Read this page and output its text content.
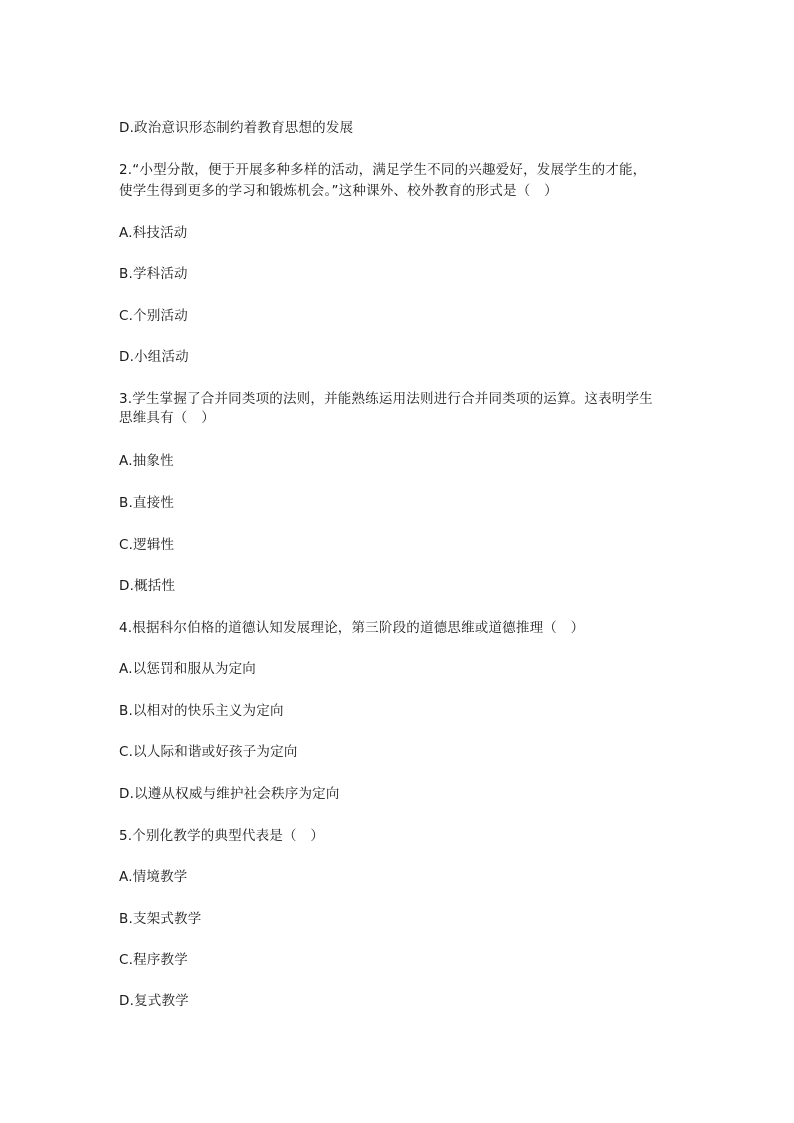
D.政治意识形态制约着教育思想的发展
2.“小型分散，便于开展多种多样的活动，满足学生不同的兴趣爱好，发展学生的才能，
使学生得到更多的学习和锻炼机会。”这种课外、校外教育的形式是（　）
A.科技活动
B.学科活动
C.个别活动
D.小组活动
3.学生掌握了合并同类项的法则，并能熟练运用法则进行合并同类项的运算。这表明学生
思维具有（　）
A.抽象性
B.直接性
C.逻辑性
D.概括性
4.根据科尔伯格的道德认知发展理论，第三阶段的道德思维或道德推理（　）
A.以惩罚和服从为定向
B.以相对的快乐主义为定向
C.以人际和谐或好孩子为定向
D.以遵从权威与维护社会秩序为定向
5.个别化教学的典型代表是（　）
A.情境教学
B.支架式教学
C.程序教学
D.复式教学
